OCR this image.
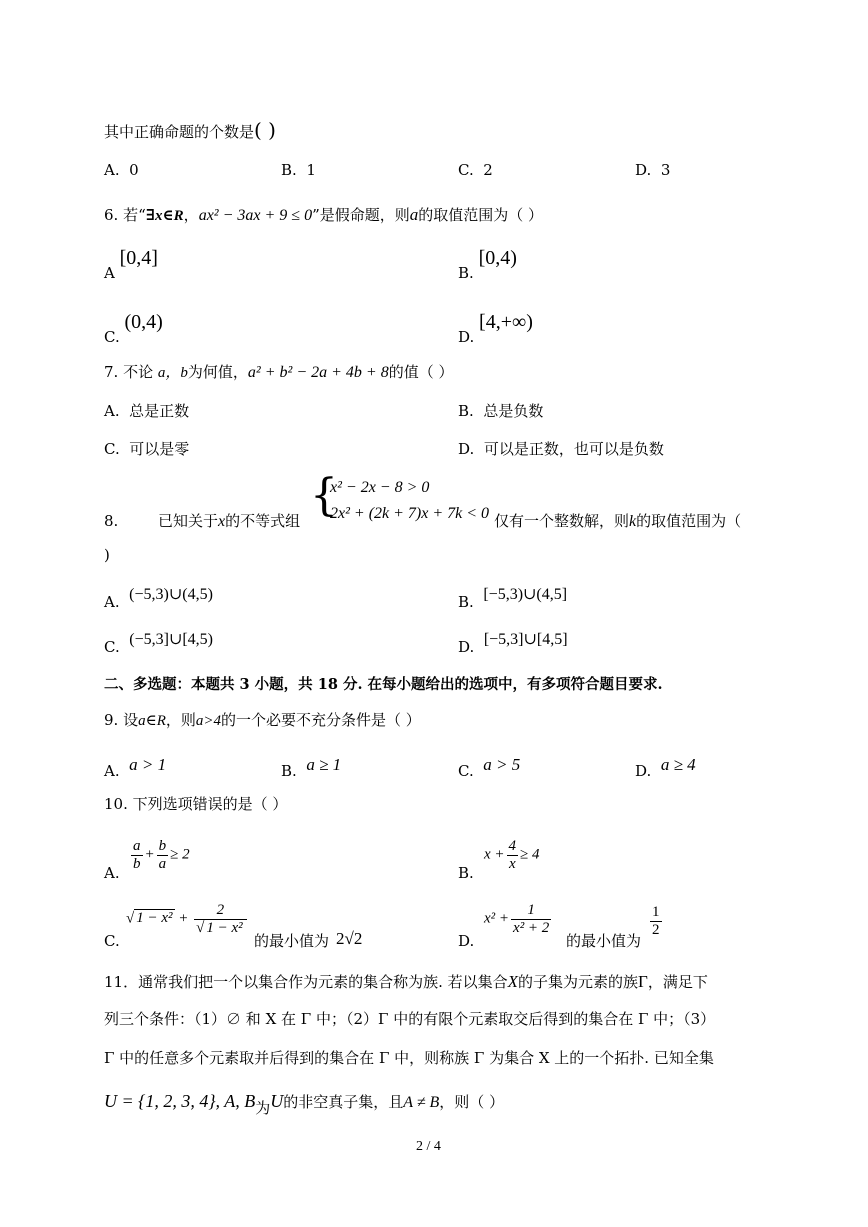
其中正确命题的个数是( )
A. 0	B. 1	C. 2	D. 3
6. 若“∃x∈R，ax² − 3ax + 9 ≤ 0”是假命题，则a的取值范围为（ ）
A [0,4]
B. [0,4)
C. (0,4)
D. [4,+∞)
7. 不论 a，b为何值，a² + b² − 2a + 4b + 8的值（ ）
A. 总是正数	B. 总是负数
C. 可以是零	D. 可以是正数，也可以是负数
8.	已知关于x的不等式组 {
x² − 2x − 8 > 0
2x² + (2k + 7)x + 7k < 0 仅有一个整数解，则k的取值范围为（
)
A. (−5,3)∪(4,5)	B. [−5,3)∪(4,5]
C. (−5,3]∪[4,5)	D. [−5,3]∪[4,5]
二、多选题：本题共 3 小题，共 18 分. 在每小题给出的选项中，有多项符合题目要求.
9. 设a∈R，则a>4的一个必要不充分条件是（ ）
A. a > 1	B. a ≥ 1	C. a > 5	D. a ≥ 4
10. 下列选项错误的是（ ）
$\frac{a}{b} + \frac{b}{a} \ge 2$
A.
$x + \frac{4}{x} \ge 4$
B.
√ $1 - x^2 + \frac{2}{\text{√ 1 − x²}}$
C.	的最小值为 2√2
$x^2 + \frac{1}{\text{x² + 2}}$
D.	的最小值为
$\frac{1}{2}$
11．通常我们把一个以集合作为元素的集合称为族. 若以集合X的子集为元素的族Γ，满足下
列三个条件：（1）∅ 和 X 在 Γ 中；（2）Γ 中的有限个元素取交后得到的集合在 Γ 中；（3）
Γ 中的任意多个元素取并后得到的集合在 Γ 中，则称族 Γ 为集合 X 上的一个拓扑. 已知全集
U = {1, 2, 3, 4}, A, B为U的非空真子集，且A ≠ B，则（ ）
2 / 4
